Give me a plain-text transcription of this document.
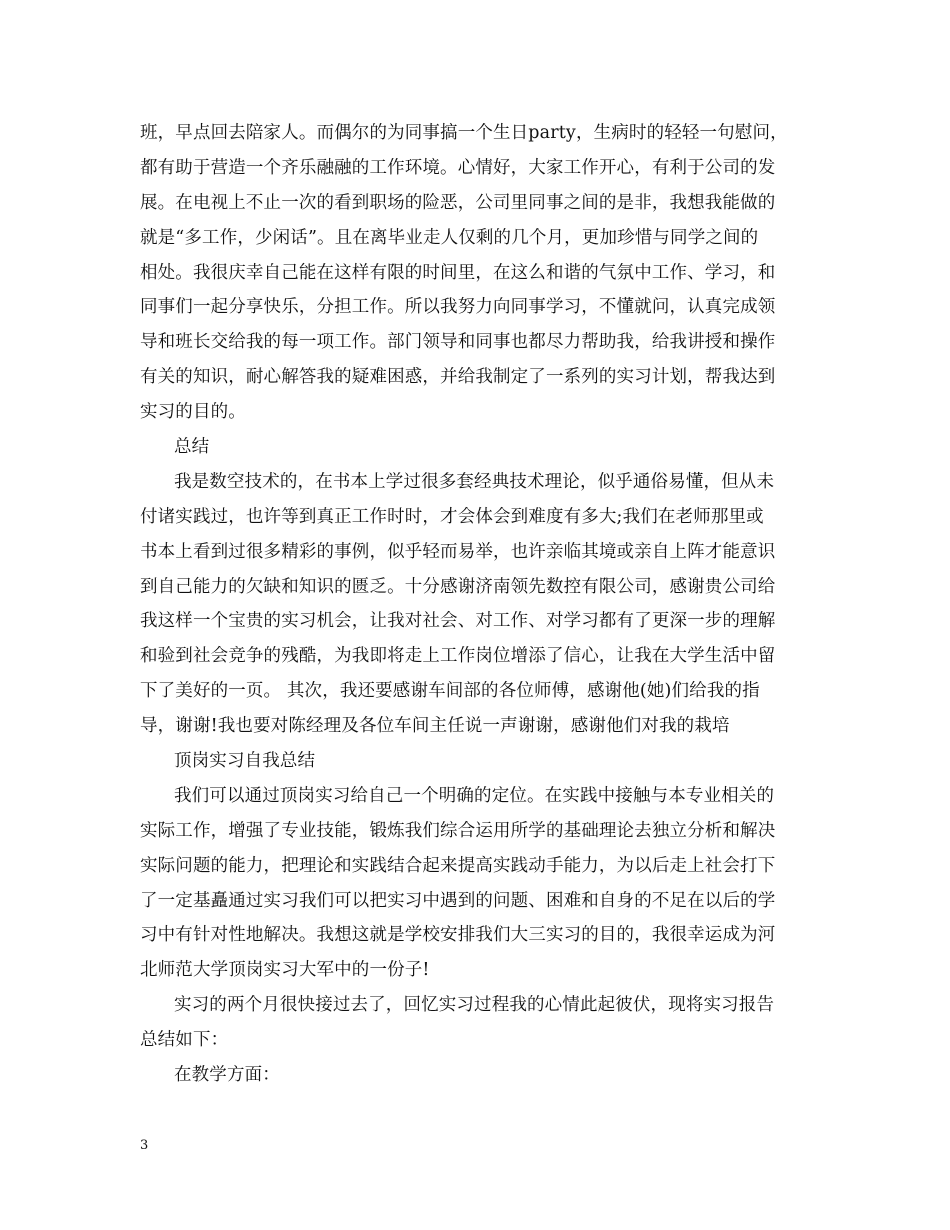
班，早点回去陪家人。而偶尔的为同事搞一个生日party，生病时的轻轻一句慰问，
都有助于营造一个齐乐融融的工作环境。心情好，大家工作开心，有利于公司的发
展。在电视上不止一次的看到职场的险恶，公司里同事之间的是非，我想我能做的
就是“多工作，少闲话”。且在离毕业走人仅剩的几个月，更加珍惜与同学之间的
相处。我很庆幸自己能在这样有限的时间里，在这么和谐的气氛中工作、学习，和
同事们一起分享快乐，分担工作。所以我努力向同事学习，不懂就问，认真完成领
导和班长交给我的每一项工作。部门领导和同事也都尽力帮助我，给我讲授和操作
有关的知识，耐心解答我的疑难困惑，并给我制定了一系列的实习计划，帮我达到
实习的目的。
总结
我是数空技术的，在书本上学过很多套经典技术理论，似乎通俗易懂，但从未
付诸实践过，也许等到真正工作时时，才会体会到难度有多大;我们在老师那里或
书本上看到过很多精彩的事例，似乎轻而易举，也许亲临其境或亲自上阵才能意识
到自己能力的欠缺和知识的匮乏。十分感谢济南领先数控有限公司，感谢贵公司给
我这样一个宝贵的实习机会，让我对社会、对工作、对学习都有了更深一步的理解
和验到社会竞争的残酷，为我即将走上工作岗位增添了信心，让我在大学生活中留
下了美好的一页。 其次，我还要感谢车间部的各位师傅，感谢他(她)们给我的指
导，谢谢!我也要对陈经理及各位车间主任说一声谢谢，感谢他们对我的栽培
顶岗实习自我总结
我们可以通过顶岗实习给自己一个明确的定位。在实践中接触与本专业相关的
实际工作，增强了专业技能，锻炼我们综合运用所学的基础理论去独立分析和解决
实际问题的能力，把理论和实践结合起来提高实践动手能力，为以后走上社会打下
了一定基矗通过实习我们可以把实习中遇到的问题、困难和自身的不足在以后的学
习中有针对性地解决。我想这就是学校安排我们大三实习的目的，我很幸运成为河
北师范大学顶岗实习大军中的一份子!
实习的两个月很快接过去了，回忆实习过程我的心情此起彼伏，现将实习报告
总结如下：
在教学方面：
3
